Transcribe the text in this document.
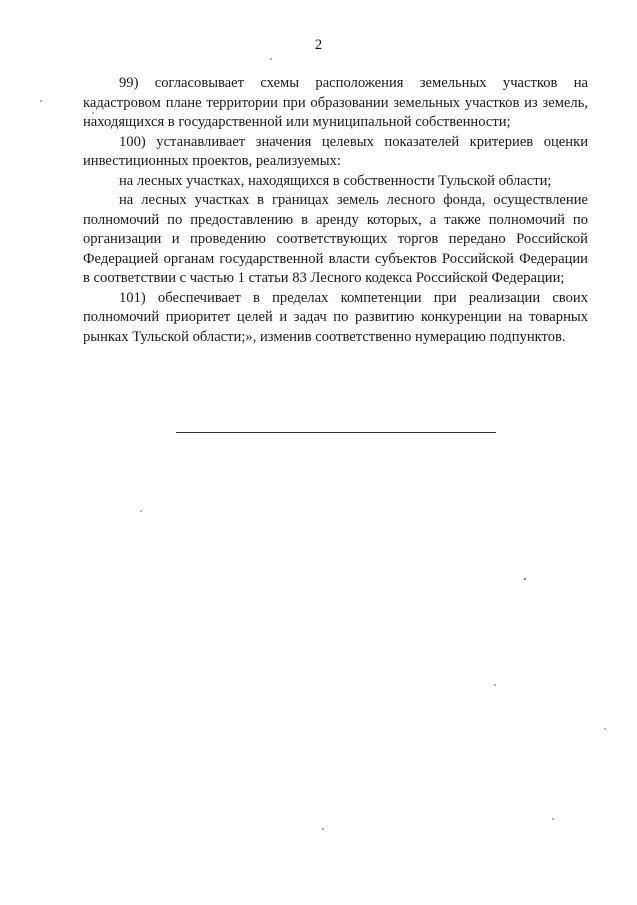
2

99) согласовывает схемы расположения земельных участков на кадастровом плане территории при образовании земельных участков из земель, находящихся в государственной или муниципальной собственности;

100) устанавливает значения целевых показателей критериев оценки инвестиционных проектов, реализуемых:

на лесных участках, находящихся в собственности Тульской области;

на лесных участках в границах земель лесного фонда, осуществление полномочий по предоставлению в аренду которых, а также полномочий по организации и проведению соответствующих торгов передано Российской Федерацией органам государственной власти субъектов Российской Федерации в соответствии с частью 1 статьи 83 Лесного кодекса Российской Федерации;

101) обеспечивает в пределах компетенции при реализации своих полномочий приоритет целей и задач по развитию конкуренции на товарных рынках Тульской области;», изменив соответственно нумерацию подпунктов.
